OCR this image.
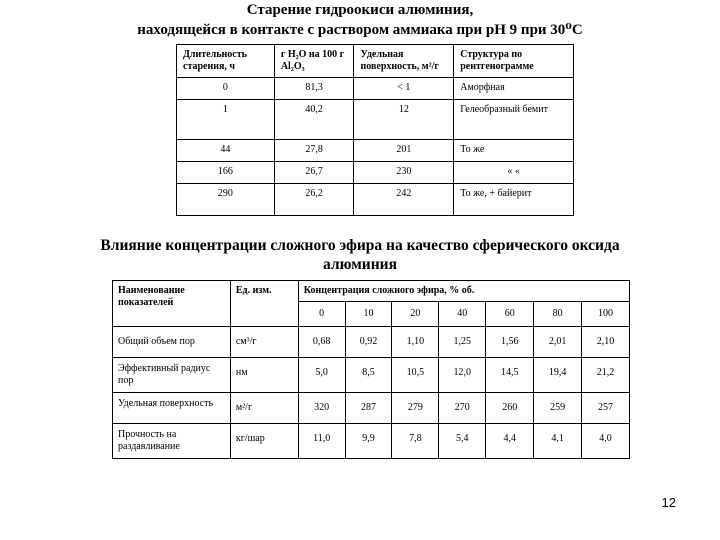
Старение гидроокиси алюминия,
находящейся в контакте с раствором аммиака при pH 9 при 30⁰С
Длительность старения, ч	г H₂O на 100 г Al₂O₃	Удельная поверхность, м²/г	Структура по рентгенограмме
0	81,3	< 1	Аморфная
1	40,2	12	Гелеобразный бемит
44	27,8	201	То же
166	26,7	230	« «
290	26,2	242	То же, + байерит
Влияние концентрации сложного эфира на качество сферического оксида
алюминия
Наименование показателей	Ед. изм.	Концентрация сложного эфира, % об.						
		0	10	20	40	60	80	100
Общий объем пор	см³/г	0,68	0,92	1,10	1,25	1,56	2,01	2,10
Эффективный радиус пор	нм	5,0	8,5	10,5	12,0	14,5	19,4	21,2
Удельная поверхность	м²/г	320	287	279	270	260	259	257
Прочность на раздавливание	кг/шар	11,0	9,9	7,8	5,4	4,4	4,1	4,0
12
